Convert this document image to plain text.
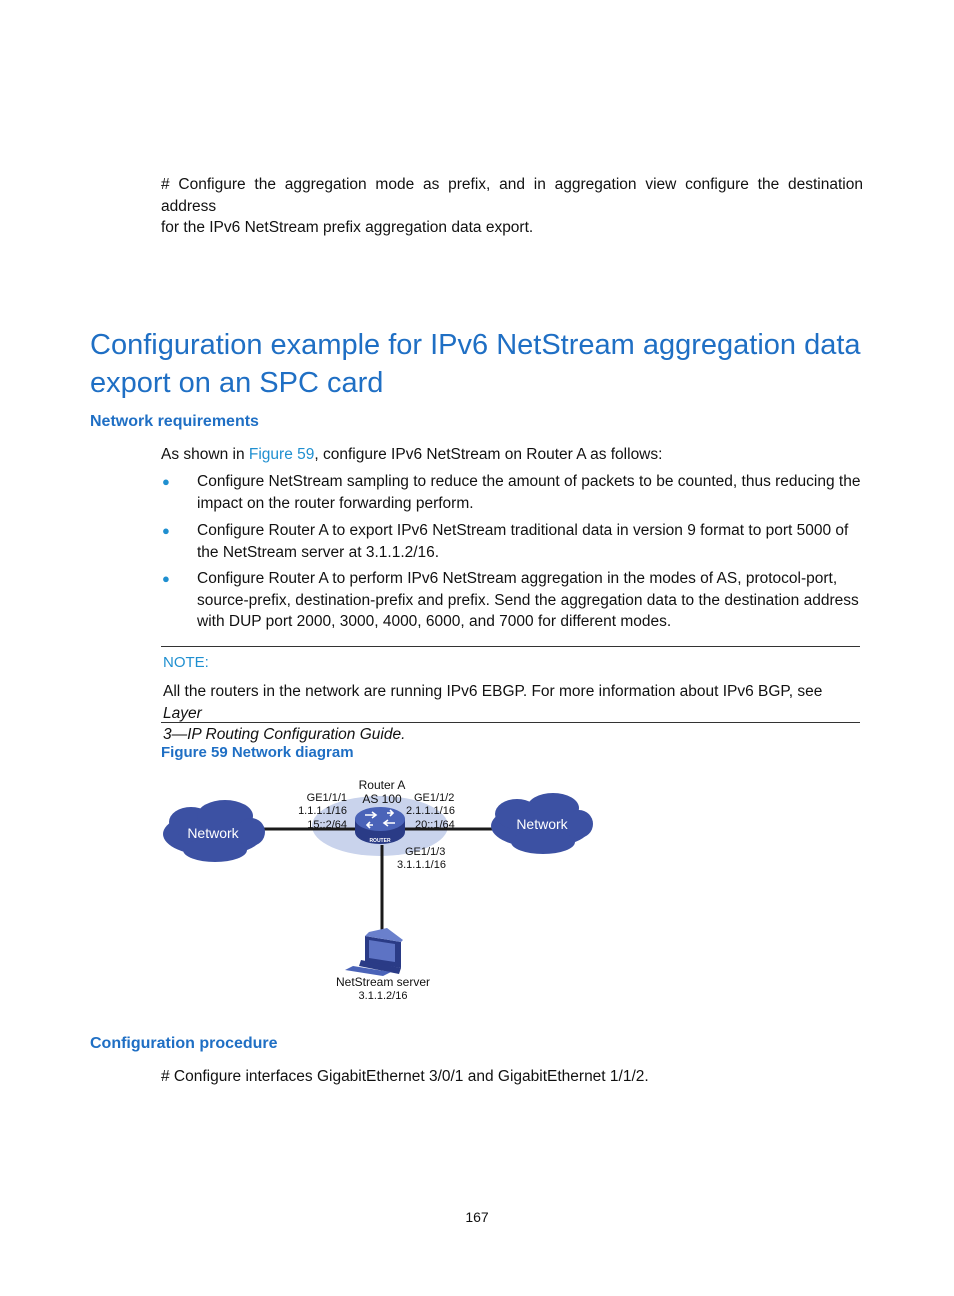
# Configure the aggregation mode as prefix, and in aggregation view configure the destination address
for the IPv6 NetStream prefix aggregation data export.
Configuration example for IPv6 NetStream aggregation data
export on an SPC card
Network requirements
As shown in Figure 59, configure IPv6 NetStream on Router A as follows:
● Configure NetStream sampling to reduce the amount of packets to be counted, thus reducing the
impact on the router forwarding perform.
● Configure Router A to export IPv6 NetStream traditional data in version 9 format to port 5000 of
the NetStream server at 3.1.1.2/16.
● Configure Router A to perform IPv6 NetStream aggregation in the modes of AS, protocol-port,
source-prefix, destination-prefix and prefix. Send the aggregation data to the destination address
with DUP port 2000, 3000, 4000, 6000, and 7000 for different modes.
NOTE:
All the routers in the network are running IPv6 EBGP. For more information about IPv6 BGP, see Layer
3—IP Routing Configuration Guide.
Figure 59 Network diagram
Network
Network
ROUTER
Router A
AS 100
GE1/1/1
1.1.1.1/16
15::2/64
GE1/1/2
2.1.1.1/16
20::1/64
GE1/1/3
3.1.1.1/16
NetStream server
3.1.1.2/16
Configuration procedure
# Configure interfaces GigabitEthernet 3/0/1 and GigabitEthernet 1/1/2.
167
